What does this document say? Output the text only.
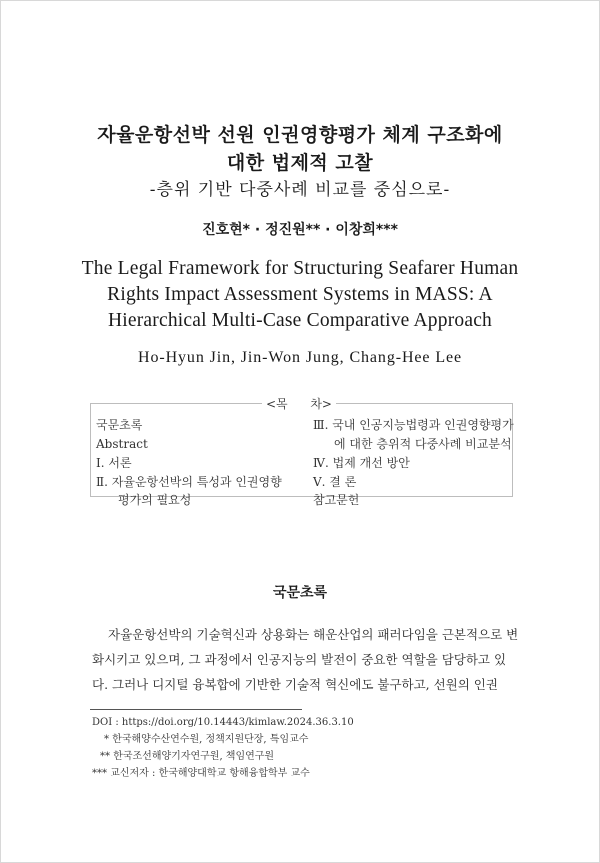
자율운항선박 선원 인권영향평가 체계 구조화에
대한 법제적 고찰
-층위 기반 다중사례 비교를 중심으로-
진호현* · 정진원** · 이창희***
The Legal Framework for Structuring Seafarer Human
Rights Impact Assessment Systems in MASS: A
Hierarchical Multi-Case Comparative Approach
Ho-Hyun Jin, Jin-Won Jung, Chang-Hee Lee
<목 차>
국문초록
Abstract
Ⅰ. 서론
Ⅱ. 자율운항선박의 특성과 인권영향
평가의 필요성
Ⅲ. 국내 인공지능법령과 인권영향평가
에 대한 층위적 다중사례 비교분석
Ⅳ. 법제 개선 방안
Ⅴ. 결 론
참고문헌
국문초록
자율운항선박의 기술혁신과 상용화는 해운산업의 패러다임을 근본적으로 변
화시키고 있으며, 그 과정에서 인공지능의 발전이 중요한 역할을 담당하고 있
다. 그러나 디지털 융복합에 기반한 기술적 혁신에도 불구하고, 선원의 인권
DOI : https://doi.org/10.14443/kimlaw.2024.36.3.10
* 한국해양수산연수원, 정책지원단장, 특임교수
** 한국조선해양기자연구원, 책임연구원
*** 교신저자 : 한국해양대학교 항해융합학부 교수
